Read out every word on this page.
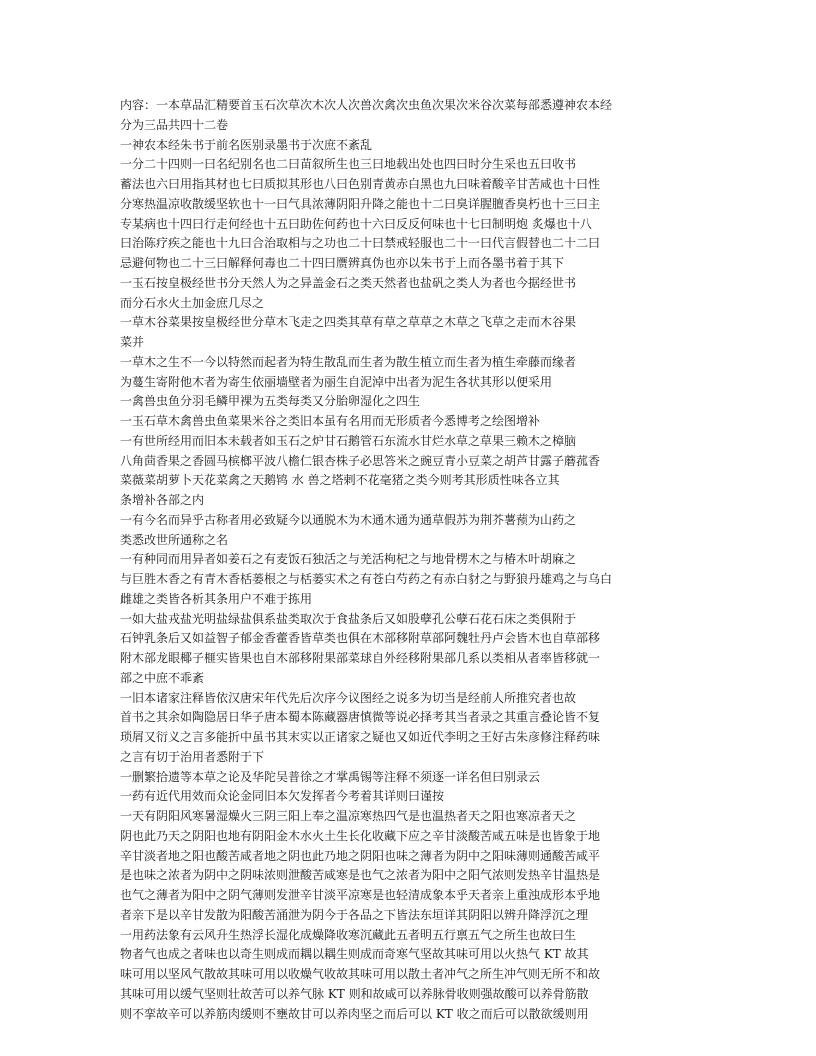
内容：一本草品汇精要首玉石次草次木次人次兽次禽次虫鱼次果次米谷次菜每部悉遵神农本经
分为三品共四十二卷
一神农本经朱书于前名医别录墨书于次庶不紊乱
一分二十四则一曰名纪别名也二曰苗叙所生也三曰地载出处也四曰时分生采也五曰收书
蓄法也六曰用指其材也七曰质拟其形也八曰色别青黄赤白黑也九曰味着酸辛甘苦咸也十曰性
分寒热温凉收散缓坚软也十一曰气具浓薄阴阳升降之能也十二曰臭详腥膻香臭朽也十三曰主
专某病也十四曰行走何经也十五曰助佐何药也十六曰反反何味也十七曰制明炮 炙爆也十八
曰治陈疗疾之能也十九曰合治取相与之功也二十曰禁戒轻服也二十一曰代言假替也二十二曰
忌避何物也二十三曰解释何毒也二十四曰赝辨真伪也亦以朱书于上而各墨书着于其下
一玉石按皇极经世书分天然人为之异盖金石之类天然者也盐矾之类人为者也今据经世书
而分石水火土加金庶几尽之
一草木谷菜果按皇极经世分草木飞走之四类其草有草之草草之木草之飞草之走而木谷果
菜并
一草木之生不一今以特然而起者为特生散乱而生者为散生植立而生者为植生牵藤而缘者
为蔓生寄附他木者为寄生依丽墙壁者为丽生自泥淖中出者为泥生各状其形以便采用
一禽兽虫鱼分羽毛鳞甲裸为五类每类又分胎卵湿化之四生
一玉石草木禽兽虫鱼菜果米谷之类旧本虽有名用而无形质者今悉博考之绘图增补
一有世所经用而旧本未载者如玉石之炉甘石鹅管石东流水甘烂水草之草果三赖木之樟脑
八角茴香果之香圆马槟榔平波八檐仁银杏株子必思答米之豌豆青小豆菜之胡芦甘露子蘑菰香
菜薇菜胡萝卜天花菜禽之天鹅鸨 水 兽之塔剌不花毫猪之类今则考其形质性味各立其
条增补各部之内
一有今名而异乎古称者用必致疑今以通脱木为木通木通为通草假苏为荆芥薯蓣为山药之
类悉改世所通称之名
一有种同而用异者如姜石之有麦饭石独活之与羌活枸杞之与地骨楞木之与椿木叶胡麻之
与巨胜木香之有青木香栝蒌根之与栝蒌实术之有苍白芍药之有赤白豺之与野狼丹雄鸡之与乌白
雌雄之类皆各析其条用户不难于拣用
一如大盐戎盐光明盐绿盐俱系盐类取次于食盐条后又如股孽孔公孽石花石床之类俱附于
石钟乳条后又如益智子郁金香藿香皆草类也俱在木部移附草部阿魏牡丹卢会皆木也自草部移
附木部龙眼椰子榧实皆果也自木部移附果部菜球自外经移附果部几系以类相从者率皆移就一
部之中庶不乖紊
一旧本诸家注释皆依汉唐宋年代先后次序今议图经之说多为切当是经前人所推究者也故
首书之其余如陶隐居日华子唐本蜀本陈藏器唐慎微等说必择考其当者录之其重言叠论皆不复
琐屑又衍义之言多能折中虽书其末实以正诸家之疑也又如近代李明之王好古朱彦修注释药味
之言有切于治用者悉附于下
一删繁拾遗等本草之论及华陀吴普徐之才掌禹锡等注释不须逐一详名但曰别录云
一药有近代用效而众论金同旧本欠发挥者今考着其详则曰谨按
一天有阴阳风寒暑湿燥火三阴三阳上奉之温凉寒热四气是也温热者天之阳也寒凉者天之
阴也此乃天之阴阳也地有阴阳金木水火土生长化收藏下应之辛甘淡酸苦咸五味是也皆象于地
辛甘淡者地之阳也酸苦咸者地之阴也此乃地之阴阳也味之薄者为阴中之阳味薄则通酸苦咸平
是也味之浓者为阴中之阴味浓则泄酸苦咸寒是也气之浓者为阳中之阳气浓则发热辛甘温热是
也气之薄者为阳中之阴气薄则发泄辛甘淡平凉寒是也轻清成象本乎天者亲上重浊成形本乎地
者亲下是以辛甘发散为阳酸苦涌泄为阴今于各品之下皆法东垣详其阴阳以辨升降浮沉之理
一用药法象有云风升生热浮长湿化成燥降收寒沉藏此五者明五行禀五气之所生也故曰生
物者气也成之者味也以奇生则成而耦以耦生则成而奇寒气坚故其味可用以火热气 KT 故其
味可用以坚风气散故其味可用以收燥气收故其味可用以散土者冲气之所生冲气则无所不和故
其味可用以缓气坚则壮故苦可以养气脉 KT 则和故咸可以养脉骨收则强故酸可以养骨筋散
则不挛故辛可以养筋肉缓则不壅故甘可以养肉坚之而后可以 KT 收之而后可以散欲缓则用
